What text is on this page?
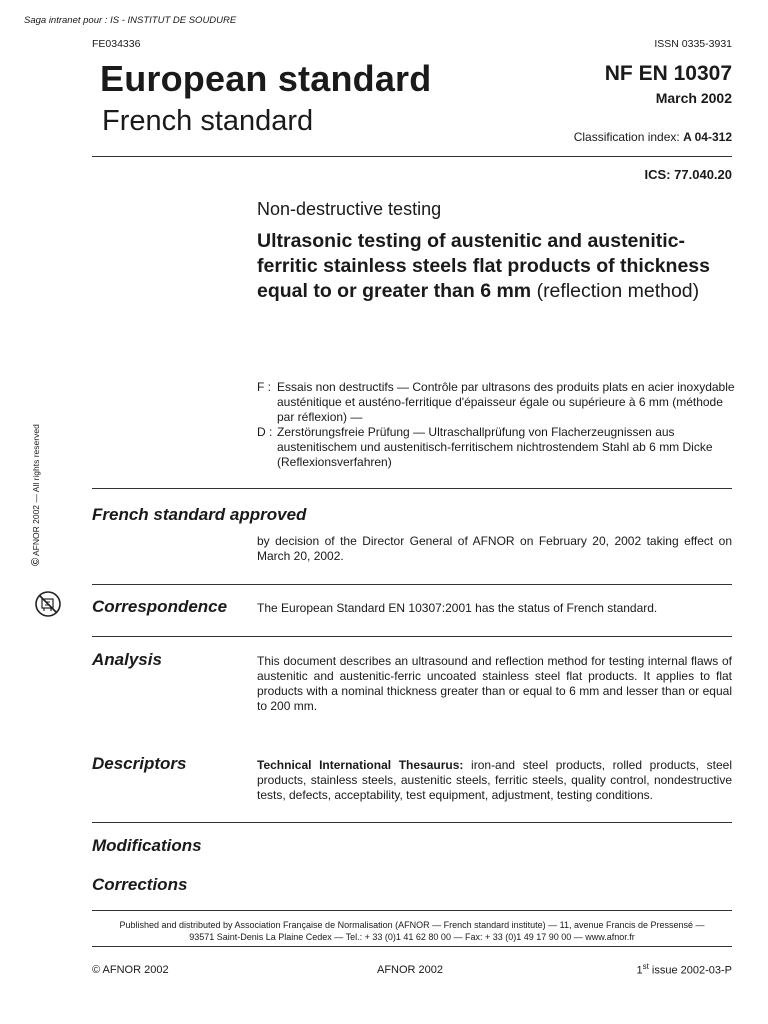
Saga intranet pour : IS - INSTITUT DE SOUDURE
FE034336	ISSN 0335-3931
European standard
French standard
NF EN 10307
March 2002
Classification index: A 04-312
ICS: 77.040.20
Non-destructive testing
Ultrasonic testing of austenitic and austenitic-ferritic stainless steels flat products of thickness equal to or greater than 6 mm (reflection method)
F : Essais non destructifs — Contrôle par ultrasons des produits plats en acier inoxydable austénitique et austéno-ferritique d'épaisseur égale ou supérieure à 6 mm (méthode par réflexion) —
D : Zerstörungsfreie Prüfung — Ultraschallprüfung von Flacherzeugnissen aus austenitischem und austenitisch-ferritischem nichtrostendem Stahl ab 6 mm Dicke (Reflexionsverfahren)
© AFNOR 2002 — All rights reserved	French standard approved
by decision of the Director General of AFNOR on February 20, 2002 taking effect on March 20, 2002.
Correspondence The European Standard EN 10307:2001 has the status of French standard.
Analysis	This document describes an ultrasound and reflection method for testing internal flaws of austenitic and austenitic-ferric uncoated stainless steel flat products. It applies to flat products with a nominal thickness greater than or equal to 6 mm and lesser than or equal to 200 mm.
Descriptors	Technical International Thesaurus: iron-and steel products, rolled products, steel products, stainless steels, austenitic steels, ferritic steels, quality control, nondestructive tests, defects, acceptability, test equipment, adjustment, testing conditions.
Modifications
Corrections
Published and distributed by Association Française de Normalisation (AFNOR — French standard institute) — 11, avenue Francis de Pressensé —
93571 Saint-Denis La Plaine Cedex — Tel.: + 33 (0)1 41 62 80 00 — Fax: + 33 (0)1 49 17 90 00 — www.afnor.fr
© AFNOR 2002	AFNOR 2002	1st issue 2002-03-P
